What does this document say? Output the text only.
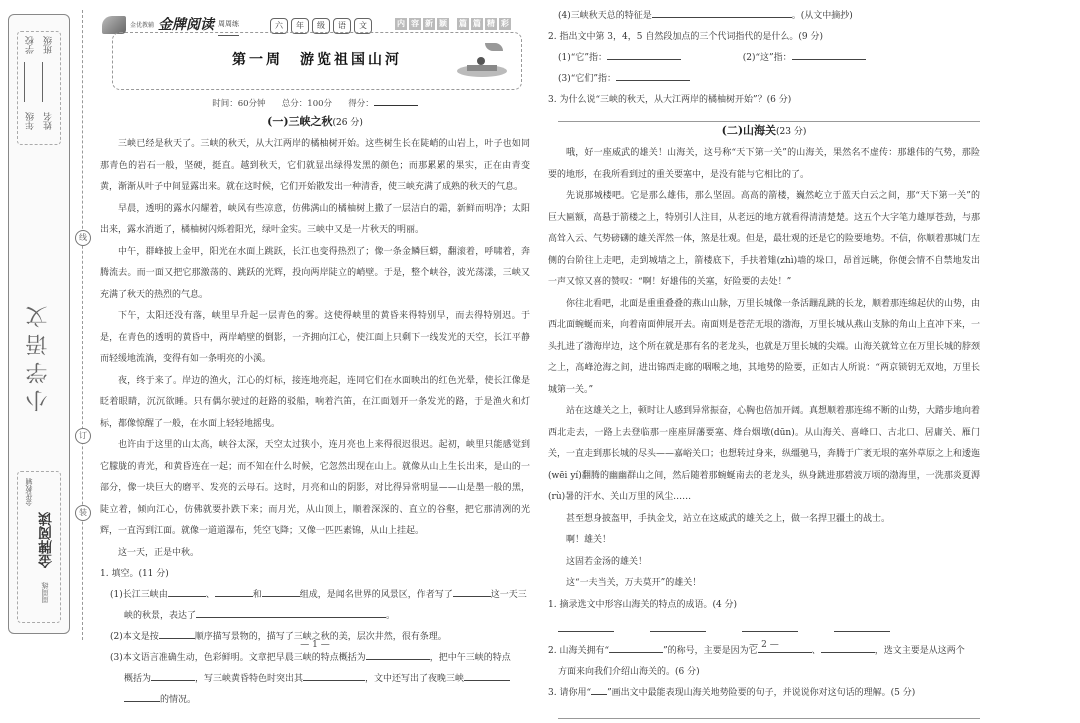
学校
年级
班级
姓名
小学语文
金优教辅
金牌阅读
周周练
线
订
装
金优教辅 金牌阅读 周周练	六	年	级	语	文	内 容 新 颖 篇 篇 精 彩
第一周　游览祖国山河
时间：60分钟 总分：100分 得分：
(一)三峡之秋(26 分)

三峡已经是秋天了。三峡的秋天，从大江两岸的橘柚树开始。这些树生长在陡峭的山岩上，叶子也如同那青色的岩石一般，坚硬，挺直。越到秋天，它们就显出绿得发黑的颜色；而那累累的果实，正在由青变黄，渐渐从叶子中间显露出来。就在这时候，它们开始散发出一种清香，使三峡充满了成熟的秋天的气息。

早晨，透明的露水闪耀着，峡风有些凉意，仿佛满山的橘柚树上撒了一层洁白的霜，新鲜而明净；太阳出来，露水消逝了，橘柚树闪烁着阳光，绿叶金实。三峡中又是一片秋天的明丽。

中午，群峰披上金甲，阳光在水面上跳跃，长江也变得热烈了；像一条金鳞巨蟒，翻滚着，呼啸着，奔腾流去。而一面又把它那激荡的、跳跃的光辉，投向两岸陡立的峭壁。于是，整个峡谷，波光荡漾，三峡又充满了秋天的热烈的气息。

下午，太阳还没有落，峡里早升起一层青色的雾。这使得峡里的黄昏来得特别早，而去得特别迟。于是，在青色的透明的黄昏中，两岸峭壁的倒影，一齐拥向江心，使江面上只剩下一线发光的天空，长江平静而轻缓地流淌，变得有如一条明亮的小溪。

夜，终于来了。岸边的渔火，江心的灯标，接连地亮起，连同它们在水面映出的红色光晕，使长江像是眨着眼睛，沉沉欲睡。只有偶尔驶过的赶路的驳船，响着汽笛，在江面划开一条发光的路，于是渔火和灯标，都像惊醒了一般，在水面上轻轻地摇曳。

也许由于这里的山太高，峡谷太深，天空太过狭小，连月亮也上来得很迟很迟。起初，峡里只能感觉到它朦胧的青光，和黄昏连在一起；而不知在什么时候，它忽然出现在山上。就像从山上生长出来，是山的一部分，像一块巨大的磨平、发亮的云母石。这时，月亮和山的阴影，对比得异常明显——山是墨一般的黑，陡立着，倾向江心，仿佛就要扑跌下来；而月光，从山顶上，顺着深深的、直立的谷壑，把它那清冽的光辉，一直泻到江面。就像一道道瀑布，凭空飞降；又像一匹匹素锦，从山上挂起。

这一天，正是中秋。

1. 填空。(11 分)

(1)长江三峡由	、	和	组成，是闻名世界的风景区，作者写了	这一天三

峡的秋景，表达了	。

(2)本文是按	顺序描写景物的，描写了三峡之秋的美，层次井然，很有条理。

(3)本文语言准确生动，色彩鲜明。文章把早晨三峡的特点概括为	，把中午三峡的特点

概括为	，写三峡黄昏特色时突出其	，文中还写出了夜晚三峡

的情况。

— 1 —

(4)三峡秋天总的特征是	。(从文中摘抄)

2. 指出文中第 3，4，5 自然段加点的三个代词指代的是什么。(9 分)

(1)“它”指：	(2)“这”指：

(3)“它们”指：

3. 为什么说“三峡的秋天，从大江两岸的橘柚树开始”？(6 分)

(二)山海关(23 分)

哦，好一座威武的雄关！山海关，这号称“天下第一关”的山海关，果然名不虚传：那雄伟的气势，那险要的地形，在我所看到过的重关要塞中，是没有能与它相比的了。

先说那城楼吧。它是那么雄伟，那么坚固。高高的箭楼，巍然屹立于蓝天白云之间，那“天下第一关”的巨大匾额，高悬于箭楼之上，特别引人注目，从老远的地方就看得清清楚楚。这五个大字笔力雄厚苍劲，与那高耸入云、气势磅礴的雄关浑然一体，煞是壮观。但是，最壮观的还是它的险要地势。不信，你顺着那城门左侧的台阶往上走吧，走到城墙之上，箭楼底下，手扶着雉(zhì)墙的垛口，昂首远眺，你便会情不自禁地发出一声又惊又喜的赞叹：“啊！好雄伟的关塞，好险要的去处！”

你往北看吧，北面是重重叠叠的燕山山脉，万里长城像一条活蹦乱跳的长龙，顺着那连绵起伏的山势，由西北面蜿蜒而来，向着南面伸展开去。南面则是苍茫无垠的渤海，万里长城从燕山支脉的角山上直冲下来，一头扎进了渤海岸边，这个所在就是那有名的老龙头，也就是万里长城的尖端。山海关就耸立在万里长城的脖颈之上，高峰沧海之间，进出锦西走廊的咽喉之地，其地势的险要，正如古人所说：“两京锁钥无双地，万里长城第一关。”

站在这雄关之上，顿时让人感到异常振奋，心胸也倍加开阔。真想顺着那连绵不断的山势，大踏步地向着西北走去，一路上去登临那一座座屏藩要塞、烽台烟墩(dūn)。从山海关、喜峰口、古北口、居庸关、雁门关，一直走到那长城的尽头——嘉峪关口；也想转过身来，纵缰驰马，奔腾于广袤无垠的塞外草原之上和逶迤(wēi yí)翻腾的幽幽群山之间，然后随着那蜿蜒南去的老龙头，纵身跳进那碧波万顷的渤海里，一洗那炎夏溽(rù)暑的汗水、关山万里的风尘……

甚至想身披盔甲，手执金戈，站立在这威武的雄关之上，做一名捍卫疆土的战士。

啊！雄关！

这固若金汤的雄关！

这“一夫当关，万夫莫开”的雄关！

1. 摘录选文中形容山海关的特点的成语。(4 分)

2. 山海关拥有“	”的称号，主要是因为它	、	，选文主要是从这两个

方面来向我们介绍山海关的。(6 分)

3. 请你用“ ”画出文中最能表现山海关地势险要的句子，并说说你对这句话的理解。(5 分)

— 2 —
